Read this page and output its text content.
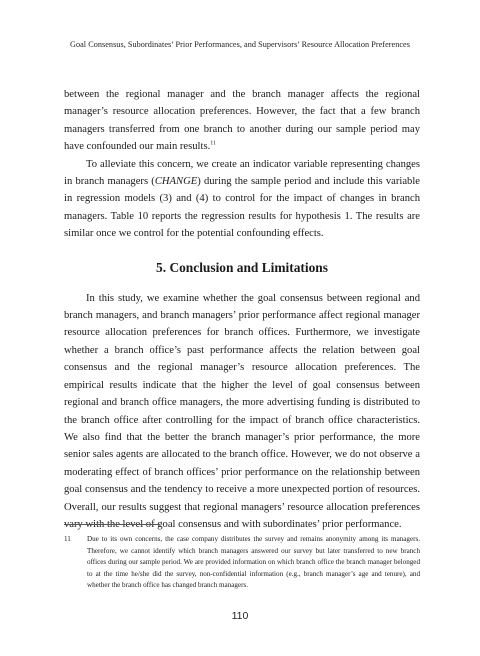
Goal Consensus, Subordinates’ Prior Performances, and Supervisors’ Resource Allocation Preferences

between the regional manager and the branch manager affects the regional manager’s resource allocation preferences. However, the fact that a few branch managers transferred from one branch to another during our sample period may have confounded our main results.$^{11}$

To alleviate this concern, we create an indicator variable representing changes in branch managers (CHANGE) during the sample period and include this variable in regression models (3) and (4) to control for the impact of changes in branch managers. Table 10 reports the regression results for hypothesis 1. The results are similar once we control for the potential confounding effects.

5. Conclusion and Limitations

In this study, we examine whether the goal consensus between regional and branch managers, and branch managers’ prior performance affect regional manager resource allocation preferences for branch offices. Furthermore, we investigate whether a branch office’s past performance affects the relation between goal consensus and the regional manager’s resource allocation preferences. The empirical results indicate that the higher the level of goal consensus between regional and branch office managers, the more advertising funding is distributed to the branch office after controlling for the impact of branch office characteristics. We also find that the better the branch manager’s prior performance, the more senior sales agents are allocated to the branch office. However, we do not observe a moderating effect of branch offices’ prior performance on the relationship between goal consensus and the tendency to receive a more unexpected portion of resources. Overall, our results suggest that regional managers’ resource allocation preferences vary with the level of goal consensus and with subordinates’ prior performance.

11	Due to its own concerns, the case company distributes the survey and remains anonymity among its managers. Therefore, we cannot identify which branch managers answered our survey but later transferred to new branch offices during our sample period. We are provided information on which branch office the branch manager belonged to at the time he/she did the survey, non-confidential information (e.g., branch manager’s age and tenure), and whether the branch office has changed branch managers.
110
